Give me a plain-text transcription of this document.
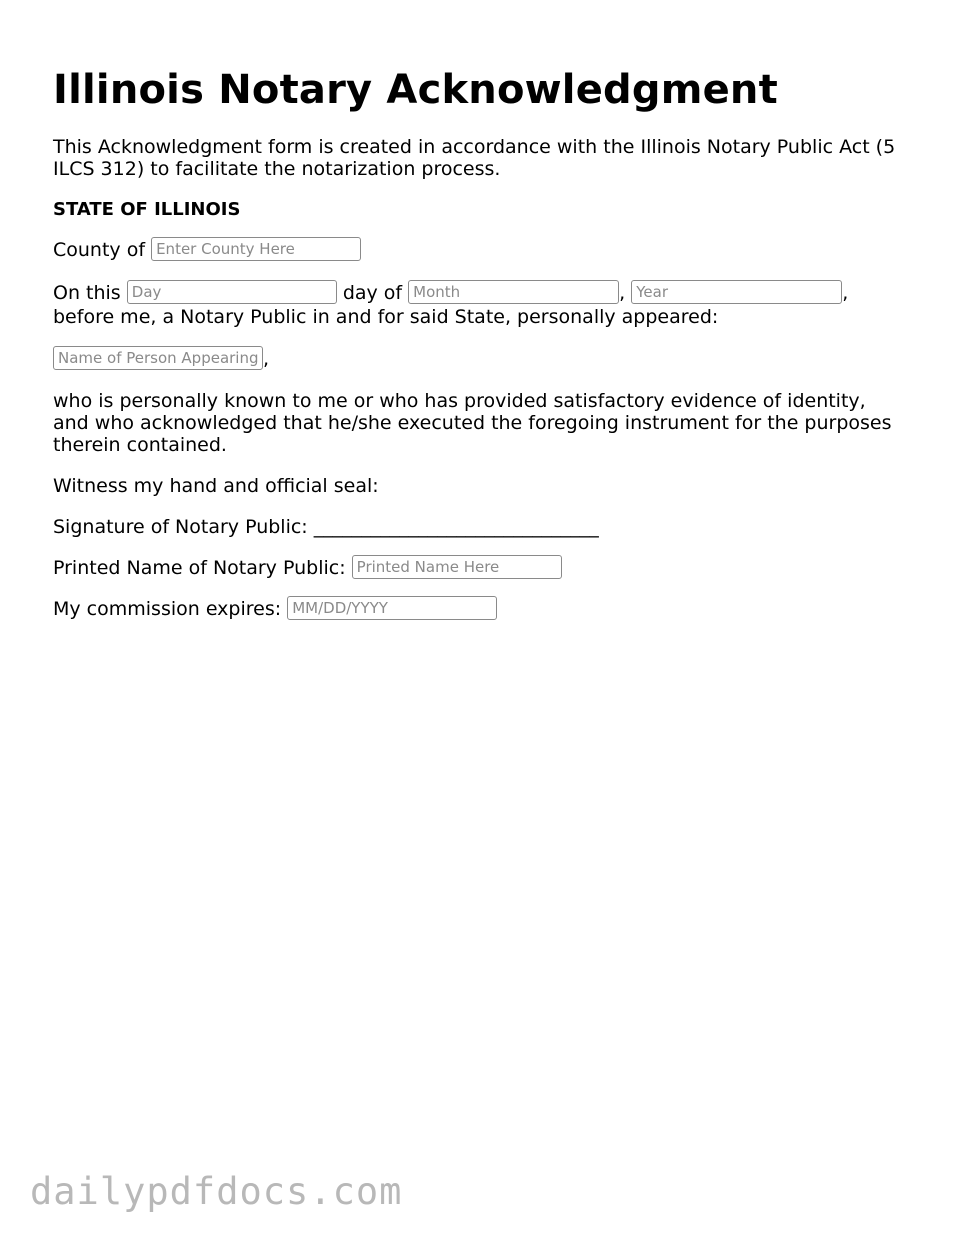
Illinois Notary Acknowledgment

This Acknowledgment form is created in accordance with the Illinois Notary Public Act (5 ILCS 312) to facilitate the notarization process.

STATE OF ILLINOIS

County of Enter County Here

On this Day	day of Month	, Year	,
before me, a Notary Public in and for said State, personally appeared:

Name of Person Appearing,

who is personally known to me or who has provided satisfactory evidence of identity, and who acknowledged that he/she executed the foregoing instrument for the purposes therein contained.

Witness my hand and official seal:

Signature of Notary Public: ______________________________

Printed Name of Notary Public: Printed Name Here

My commission expires: MM/DD/YYYY

dailypdfdocs.com
